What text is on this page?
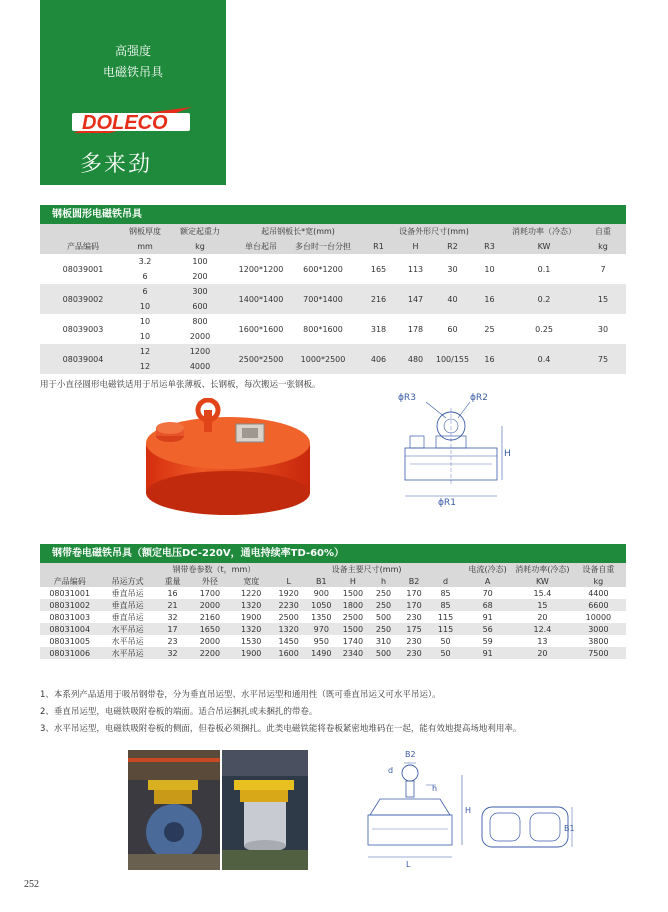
高强度
电磁铁吊具
DOLECO
多来劲
钢板圆形电磁铁吊具
	钢板厚度	额定起重力	起吊钢板长*宽(mm)		设备外形尺寸(mm)				消耗功率（冷态）	自重
产品编码	mm	kg	单台起吊	多台时一台分担	R1	H	R2	R3	KW	kg
08039001	3.2	100	1200*1200	600*1200	165	113	30	10	0.1	7
	6	200								
08039002	6	300	1400*1400	700*1400	216	147	40	16	0.2	15
	10	600								
08039003	10	800	1600*1600	800*1600	318	178	60	25	0.25	30
	10	2000								
08039004	12	1200	2500*2500	1000*2500	406	480	100/155	16	0.4	75
	12	4000								
用于小直径圆形电磁铁适用于吊运单张薄板、长钢板，每次搬运一张钢板。
ϕR3	ϕR2
H
ϕR1
钢带卷电磁铁吊具（额定电压DC-220V，通电持续率TD-60%）
		钢带卷参数（t，mm）			设备主要尺寸(mm)						电流(冷态)	消耗功率(冷态)	设备自重
产品编码	吊运方式	重量	外径	宽度	L	B1	H	h	B2	d	A	KW	kg
08031001	垂直吊运	16	1700	1220	1920	900	1500	250	170	85	70	15.4	4400
08031002	垂直吊运	21	2000	1320	2230	1050	1800	250	170	85	68	15	6600
08031003	垂直吊运	32	2160	1900	2500	1350	2500	500	230	115	91	20	10000
08031004	水平吊运	17	1650	1320	1320	970	1500	250	175	115	56	12.4	3000
08031005	水平吊运	23	2000	1530	1450	950	1740	310	230	50	59	13	3800
08031006	水平吊运	32	2200	1900	1600	1490	2340	500	230	50	91	20	7500
1、本系列产品适用于吸吊钢带卷，分为垂直吊运型、水平吊运型和通用性（既可垂直吊运又可水平吊运）。
2、垂直吊运型，电磁铁吸附卷板的端面。适合吊运捆扎或未捆扎的带卷。
3、水平吊运型，电磁铁吸附卷板的侧面，但卷板必须捆扎。此类电磁铁能将卷板紧密地堆码在一起，能有效地提高场地利用率。
B2
d
h
H
L
B1
252
